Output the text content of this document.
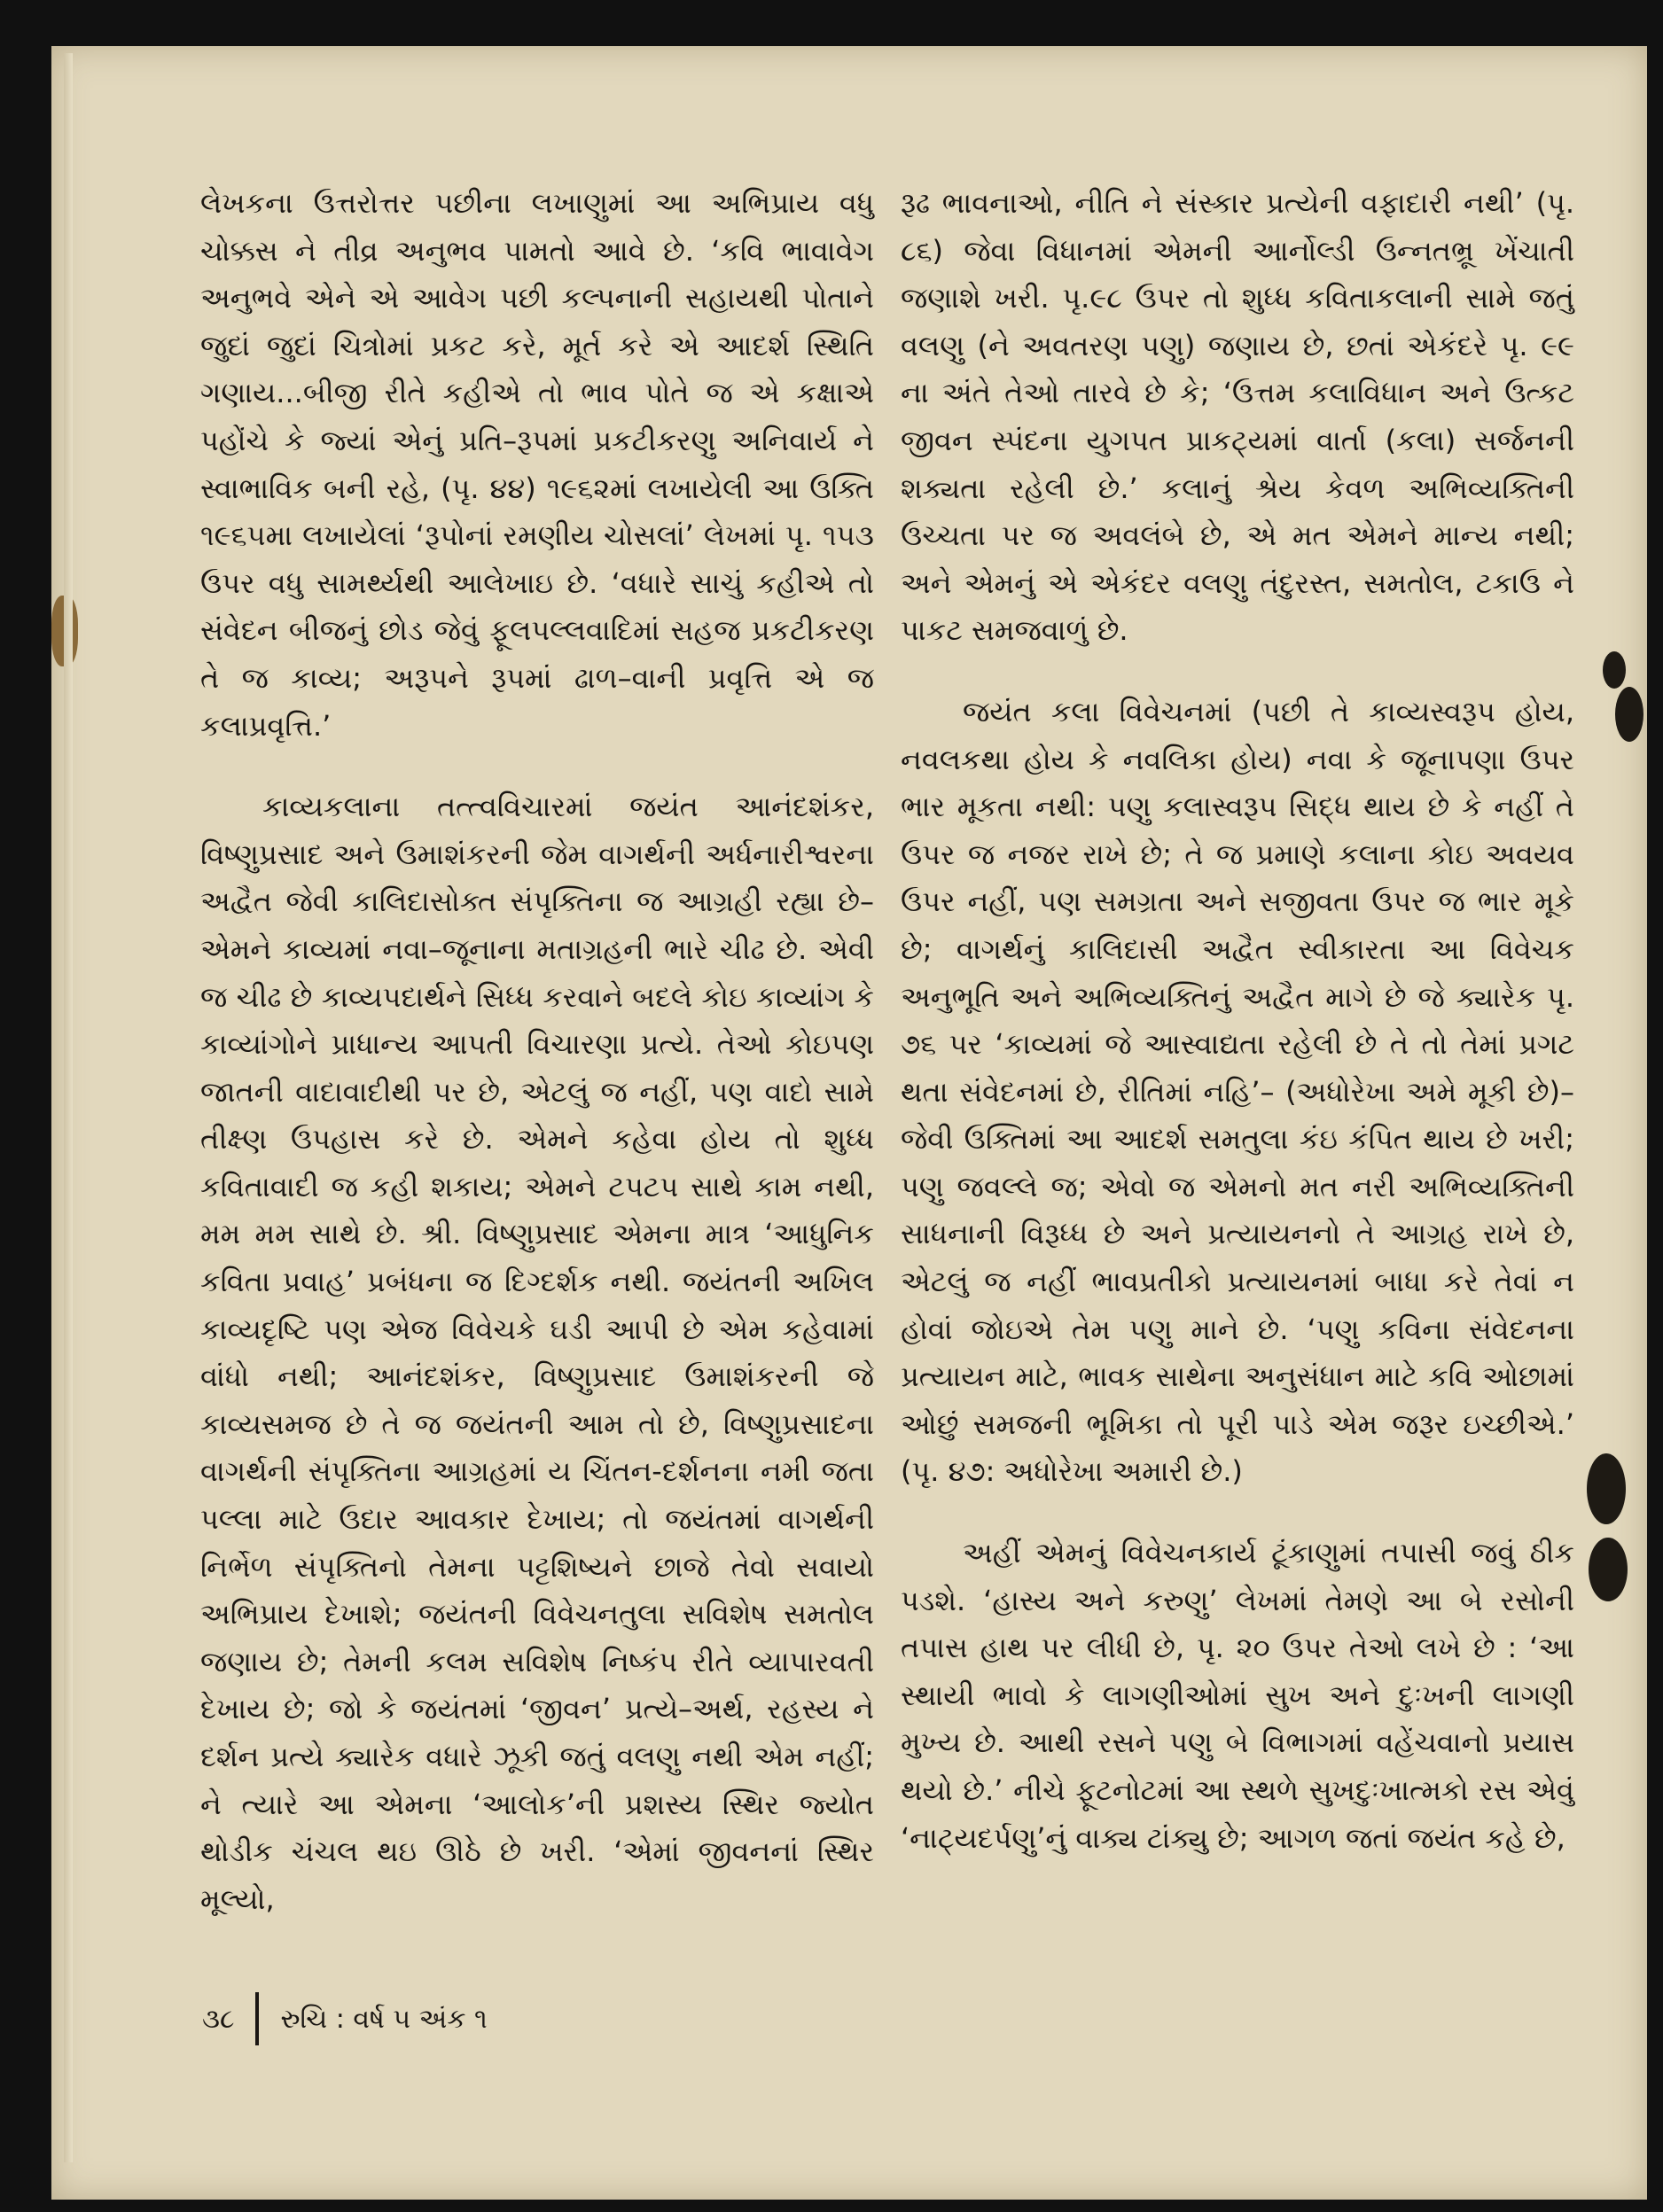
લેખકના ઉત્તરોત્તર પછીના લખાણુમાં આ અભિપ્રાય વધુ ચોક્કસ ને તીવ્ર અનુભવ પામતો આવે છે. ‘કવિ ભાવાવેગ અનુભવે એને એ આવેગ પછી કલ્પનાની સહાયથી પોતાને જુદાં જુદાં ચિત્રોમાં પ્રકટ કરે, મૂર્ત કરે એ આદર્શ સ્થિતિ ગણાય...બીજી રીતે કહીએ તો ભાવ પોતે જ એ કક્ષાએ પહોંચે કે જ્યાં એનું પ્રતિ–રૂપમાં પ્રકટીકરણુ અનિવાર્ય ને સ્વાભાવિક બની રહે, (પૃ. ૪૪) ૧૯૬૨માં લખાયેલી આ ઉક્તિ ૧૯૬૫મા લખાયેલાં ‘રૂપોનાં રમણીય ચોસલાં’ લેખમાં પૃ. ૧૫૩ ઉપર વધુ સામર્થ્યથી આલેખાઇ છે. ‘વધારે સાચું કહીએ તો સંવેદન બીજનું છોડ જેવું ફૂલપલ્લવાદિમાં સહજ પ્રકટીકરણ તે જ કાવ્ય; અરૂપને રૂપમાં ઢાળ–વાની પ્રવૃત્તિ એ જ કલાપ્રવૃત્તિ.’

કાવ્યકલાના તત્ત્વવિચારમાં જયંત આનંદશંકર, વિષ્ણુપ્રસાદ અને ઉમાશંકરની જેમ વાગર્થની અર્ધનારીશ્વરના અદ્વૈત જેવી કાલિદાસોક્ત સંપૃક્તિના જ આગ્રહી રહ્યા છે–એમને કાવ્યમાં નવા–જૂનાના મતાગ્રહની ભારે ચીઢ છે. એવી જ ચીઢ છે કાવ્યપદાર્થને સિધ્ધ કરવાને બદલે કોઇ કાવ્યાંગ કે કાવ્યાંગોને પ્રાધાન્ય આપતી વિચારણા પ્રત્યે. તેઓ કોઇપણ જાતની વાદાવાદીથી પર છે, એટલું જ નહીં, પણ વાદો સામે તીક્ષ્ણ ઉપહાસ કરે છે. એમને કહેવા હોય તો શુધ્ધ કવિતાવાદી જ કહી શકાય; એમને ટપટપ સાથે કામ નથી, મમ મમ સાથે છે. શ્રી. વિષ્ણુપ્રસાદ એમના માત્ર ‘આધુનિક કવિતા પ્રવાહ’ પ્રબંધના જ દિગ્દર્શક નથી. જયંતની અખિલ કાવ્યદૃષ્ટિ પણ એજ વિવેચકે ઘડી આપી છે એમ કહેવામાં વાંધો નથી; આનંદશંકર, વિષ્ણુપ્રસાદ ઉમાશંકરની જે કાવ્યસમજ છે તે જ જયંતની આમ તો છે, વિષ્ણુપ્રસાદના વાગર્થની સંપૃક્તિના આગ્રહમાં ય ચિંતન-દર્શનના નમી જતા પલ્લા માટે ઉદાર આવકાર દેખાય; તો જયંતમાં વાગર્થની નિર્ભેળ સંપૃક્તિનો તેમના પટ્ટશિષ્યને છાજે તેવો સવાયો અભિપ્રાય દેખાશે; જયંતની વિવેચનતુલા સવિશેષ સમતોલ જણાય છે; તેમની કલમ સવિશેષ નિષ્કંપ રીતે વ્યાપારવતી દેખાય છે; જો કે જયંતમાં ‘જીવન’ પ્રત્યે–અર્થ, રહસ્ય ને દર્શન પ્રત્યે ક્યારેક વધારે ઝૂકી જતું વલણુ નથી એમ નહીં; ને ત્યારે આ એમના ‘આલોક’ની પ્રશસ્ય સ્થિર જ્યોત થોડીક ચંચલ થઇ ઊઠે છે ખરી. ‘એમાં જીવનનાં સ્થિર મૂલ્યો,

રૂઢ ભાવનાઓ, નીતિ ને સંસ્કાર પ્રત્યેની વફાદારી નથી’ (પૃ. ૮૬) જેવા વિધાનમાં એમની આર્નોલ્ડી ઉન્નતભ્રૂ ખેંચાતી જણાશે ખરી. પૃ.૯૮ ઉપર તો શુધ્ધ કવિતાકલાની સામે જતું વલણુ (ને અવતરણ પણુ) જણાય છે, છતાં એકંદરે પૃ. ૯૯ ના અંતે તેઓ તારવે છે કે; ‘ઉત્તમ કલાવિધાન અને ઉત્કટ જીવન સ્પંદના યુગપત પ્રાકટ્યમાં વાર્તા (કલા) સર્જનની શક્યતા રહેલી છે.’ કલાનું શ્રેય કેવળ અભિવ્યક્તિની ઉચ્ચતા પર જ અવલંબે છે, એ મત એમને માન્ય નથી; અને એમનું એ એકંદર વલણુ તંદુરસ્ત, સમતોલ, ટકાઉ ને પાકટ સમજવાળું છે.

જયંત કલા વિવેચનમાં (પછી તે કાવ્યસ્વરૂપ હોય, નવલકથા હોય કે નવલિકા હોય) નવા કે જૂનાપણા ઉપર ભાર મૂકતા નથી: પણુ કલાસ્વરૂપ સિદ્ધ થાય છે કે નહીં તે ઉપર જ નજર રાખે છે; તે જ પ્રમાણે કલાના કોઇ અવયવ ઉપર નહીં, પણ સમગ્રતા અને સજીવતા ઉપર જ ભાર મૂકે છે; વાગર્થનું કાલિદાસી અદ્વૈત સ્વીકારતા આ વિવેચક અનુભૂતિ અને અભિવ્યક્તિનું અદ્વૈત માગે છે જે ક્યારેક પૃ. ૭૬ પર ‘કાવ્યમાં જે આસ્વાદ્યતા રહેલી છે તે તો તેમાં પ્રગટ થતા સંવેદનમાં છે, રીતિમાં નહિ’– (અધોરેખા અમે મૂકી છે)– જેવી ઉક્તિમાં આ આદર્શ સમતુલા કંઇ કંપિત થાય છે ખરી; પણુ જવલ્લે જ; એવો જ એમનો મત નરી અભિવ્યક્તિની સાધનાની વિરૂધ્ધ છે અને પ્રત્યાયનનો તે આગ્રહ રાખે છે, એટલું જ નહીં ભાવપ્રતીકો પ્રત્યાયનમાં બાધા કરે તેવાં ન હોવાં જોઇએ તેમ પણુ માને છે. ‘પણુ કવિના સંવેદનના પ્રત્યાયન માટે, ભાવક સાથેના અનુસંધાન માટે કવિ ઓછામાં ઓછું સમજની ભૂમિકા તો પૂરી પાડે એમ જરૂર ઇચ્છીએ.’ (પૃ. ૪૭: અધોરેખા અમારી છે.)

અહીં એમનું વિવેચનકાર્ય ટૂંકાણુમાં તપાસી જવું ઠીક પડશે. ‘હાસ્ય અને કરુણુ’ લેખમાં તેમણે આ બે રસોની તપાસ હાથ પર લીધી છે, પૃ. ૨૦ ઉપર તેઓ લખે છે : ‘આ સ્થાયી ભાવો કે લાગણીઓમાં સુખ અને દુઃખની લાગણી મુખ્ય છે. આથી રસને પણુ બે વિભાગમાં વહેંચવાનો પ્રયાસ થયો છે.’ નીચે ફૂટનોટમાં આ સ્થળે સુખદુઃખાત્મકો રસ એવું ‘નાટ્યદર્પણુ’નું વાક્ય ટાંક્યુ છે; આગળ જતાં જયંત કહે છે,

૩૮ રુચિ : વર્ષ ૫ અંક ૧
